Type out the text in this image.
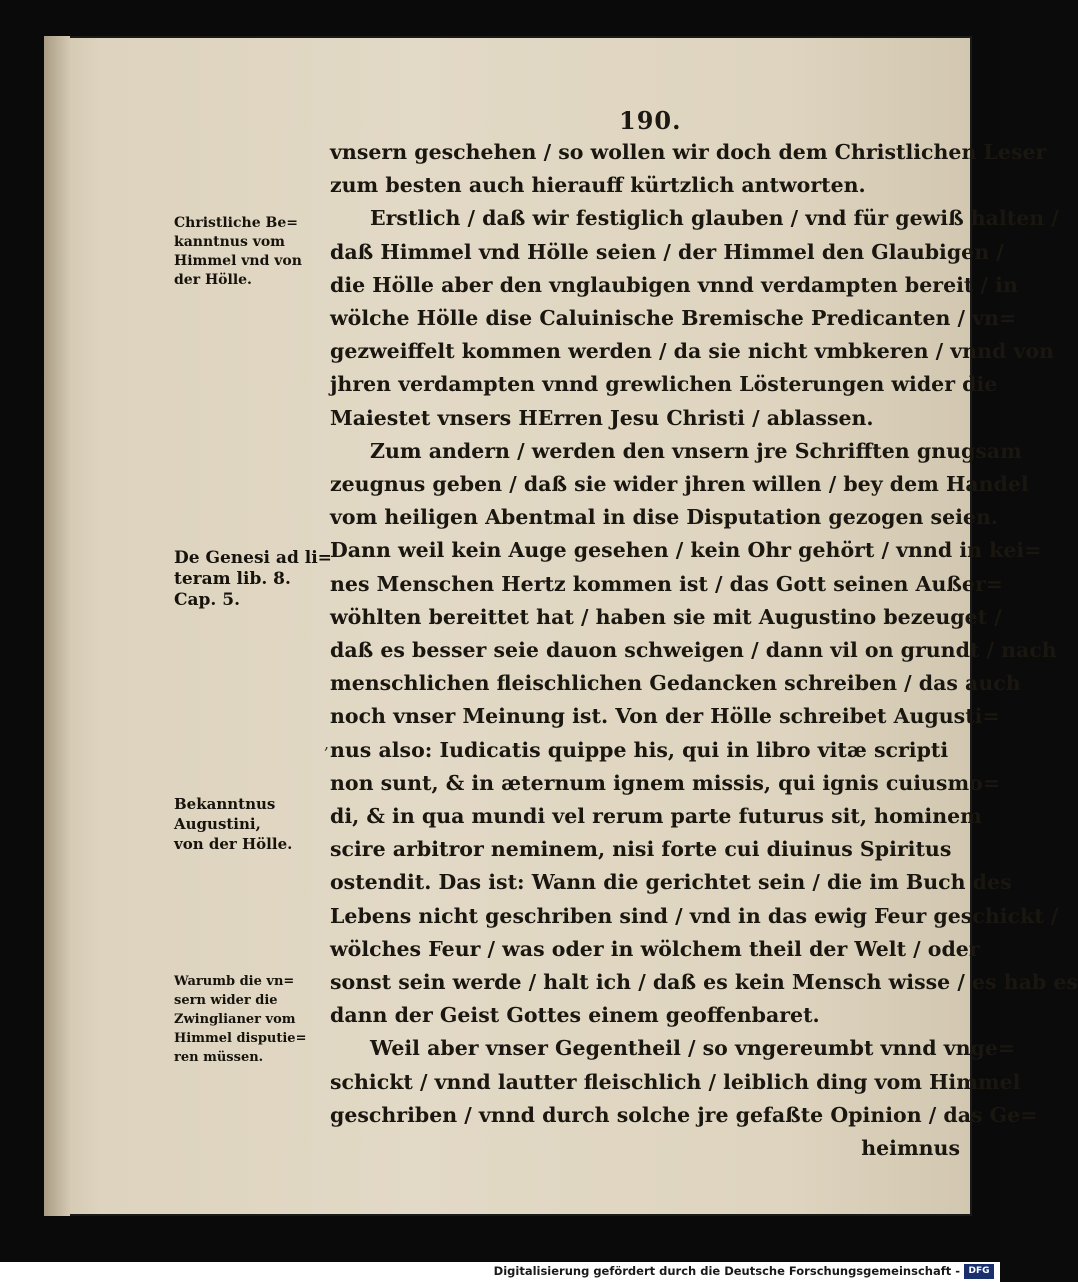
190.
vnsern geschehen / so wollen wir doch dem Christlichen Leser
zum besten auch hierauff kürtzlich antworten.
Erstlich / daß wir festiglich glauben / vnd für gewiß halten /
daß Himmel vnd Hölle seien / der Himmel den Glaubigen /
die Hölle aber den vnglaubigen vnnd verdampten bereit / in
wölche Hölle dise Caluinische Bremische Predicanten / vn=
gezweiffelt kommen werden / da sie nicht vmbkeren / vnnd von
jhren verdampten vnnd grewlichen Lösterungen wider die
Maiestet vnsers HErren Jesu Christi / ablassen.
Zum andern / werden den vnsern jre Schrifften gnugsam
zeugnus geben / daß sie wider jhren willen / bey dem Handel
vom heiligen Abentmal in dise Disputation gezogen seien.
Dann weil kein Auge gesehen / kein Ohr gehört / vnnd in kei=
nes Menschen Hertz kommen ist / das Gott seinen Außer=
wöhlten bereittet hat / haben sie mit Augustino bezeuget /
daß es besser seie dauon schweigen / dann vil on grundt / nach
menschlichen fleischlichen Gedancken schreiben / das auch
noch vnser Meinung ist. Von der Hölle schreibet Augusti=
nus also: Iudicatis quippe his, qui in libro vitæ scripti
non sunt, & in æternum ignem missis, qui ignis cuiusmo=
di, & in qua mundi vel rerum parte futurus sit, hominem
scire arbitror neminem, nisi forte cui diuinus Spiritus
ostendit. Das ist: Wann die gerichtet sein / die im Buch des
Lebens nicht geschriben sind / vnd in das ewig Feur geschickt /
wölches Feur / was oder in wölchem theil der Welt / oder
sonst sein werde / halt ich / daß es kein Mensch wisse / es hab es
dann der Geist Gottes einem geoffenbaret.
Weil aber vnser Gegentheil / so vngereumbt vnnd vnge=
schickt / vnnd lautter fleischlich / leiblich ding vom Himmel
geschriben / vnnd durch solche jre gefaßte Opinion / das Ge=
heimnus
Christliche Be=
kanntnus vom
Himmel vnd von
der Hölle.
De Genesi ad li=
teram lib. 8.
Cap. 5.
,
Bekanntnus
Augustini,
von der Hölle.
Warumb die vn=
sern wider die
Zwinglianer vom
Himmel disputie=
ren müssen.
Digitalisierung gefördert durch die Deutsche Forschungsgemeinschaft - DFG
